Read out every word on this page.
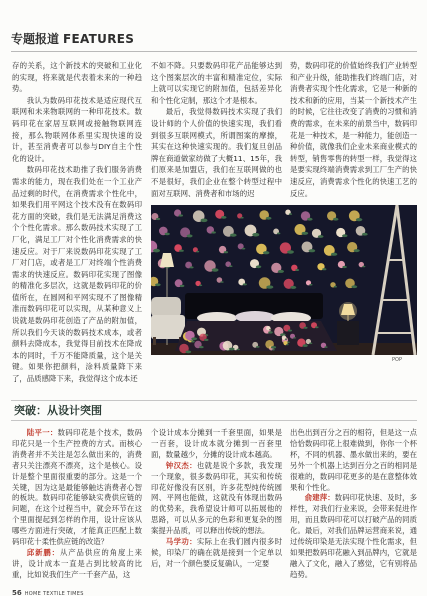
专题报道 FEATURES

存的关系，这个新技术的突破和工业化的实现，将来就是代表着未来的一种趋势。

我认为数码印花技术是适应现代互联网和未来物联网的一种印花技术。数码印花在家居互联网或接触物联网连接，那么物联网体系里实现快速的设计，甚至消费者可以参与DIY自主个性化的设计。

数码印花技术助推了我们服务消费需求的能力，现在我们处在一个工业产品过剩的时代，在消费需求个性化中，如果我们用平网这个技术没有在数码印花方面的突破，我们是无法满足消费这个个性化需求。那么数码技术实现了工厂化，满足工厂对个性化消费需求的快速反应。对于厂来说数码印花实现了工厂对门店，或者是工厂对终端个性消费需求的快速反应。数码印花实现了图像的精准化多层次，这就是数码印花的价值所在，在圆网和平网实现不了图像精准而数码印花可以实现，从某种意义上说就是数码印花创造了产品的附加值，所以我们今天谈的数码技术成本，或者颜料去降成本，我觉得目前技术在降成本的同时，千万不能降质量，这个是关键。如果你把颜料，涂料质量降下来了，品质感降下来，我觉得这个成本还

不如不降。只要数码印花产品能够达到这个图案层次的丰富和精准定位，实际上就可以实现它的附加值，包括差异化和个性化定制，那这个才是根本。

最后，我觉得数码技术实现了我们设计师的个人价值的快速实现，我们看到很多互联网模式，所谓图案的摩擦，其实在这种快速实现的。我们复旦创品牌在商道做家纺做了大概11、15年，我们原来是加盟店，我们在互联网做的也不是很好，我们企业在整个转型过程中面对互联网、消费者和市场的迟

势，数码印花的价值始终我们产业转型和产业升级，能助推我们终端门店，对消费者实现个性化需求，它是一种新的技术和新的应用，当某一个新技术产生的时候，它往往改变了消费的习惯和消费的需求，在未来的前景当中，数码印花是一种技术，是一种能力，能创造一种价值，就像我们企业未来商业模式的转型，销售零售的转型一样，我觉得这是要实现终端消费需求到工厂生产的快速反应，消费需求个性化的快速工艺的反应。

POP
突破：从设计突围

陆平一：数码印花是个技术，数码印花只是一个生产控费的方式。而核心消费者并不关注是怎么做出来的，消费者只关注漂亮不漂亮，这个是核心。设计是整个里面很重要的部分。这是一个关键，因为这是最能够触达消费者心智的板块。数码印花能够缺实费供应链的问题，在这个过程当中，就会环节在这个里面提起到怎样的作用，设计应该从哪些方面进行突破，才能真正匹配上数码印花十柔性供应链的改造？

邱新鹏：从产品供应的角度上来讲，设计成本一直是占到比较高的比重，比如说我们生产一千套产品，这

个设计成本分摊到一千套里面，如果是一百套，设计成本就分摊到一百套里面，数量越少，分摊的设计成本越高。

钟汉杰：也就是说个多款，我发现一个现象，很多数码印花，其实和传统印花好像没有区别，许多花型纯传统圆网、平网也能做，这就没有体现出数码的优势来，我希望设计师可以拓展他的思路，可以从多元的色彩和更复杂的图案提升品质，可以释出传统的想法。

马学功：实际上在我们圆内很多时候，印染厂的确在就是接到一个定单以后，对一个颜色要反复确认，一定要

出色出到百分之百的相符，但是这一点恰恰数码印花上很难做到，你你一个杯杯，不同的机器、墨水做出来的，要在另外一个机器上达到百分之百的相同是很难的，数码印花更多的是在意整体效果和个性化。

俞建萍：数码印花快速、及时，多样性，对我们行业来说，会带来促进作用，而且数码印花可以打破产品的同质化。最后，对我们品牌运营商来说，通过传统印染是无法实现个性化需求，但如果把数码印花融入到品牌内，它就是融入了文化，融入了感觉，它有别将品趋势。

56 HOME TEXTILE TIMES
